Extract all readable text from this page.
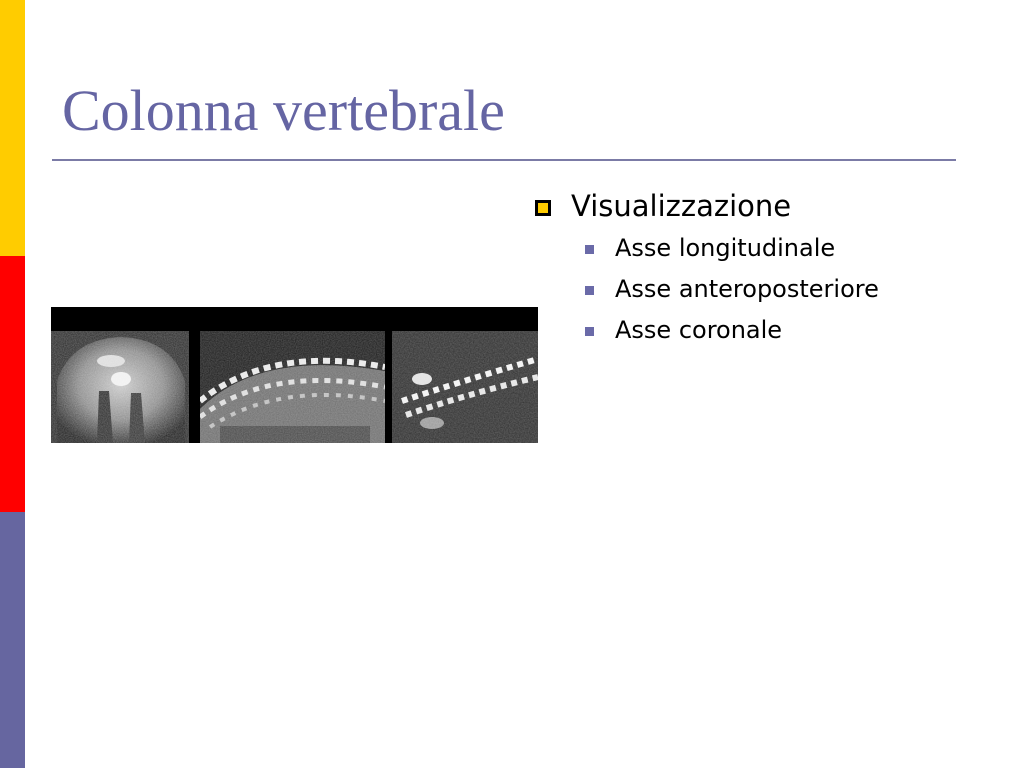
Colonna vertebrale
Visualizzazione
Asse longitudinale
Asse anteroposteriore
Asse coronale
